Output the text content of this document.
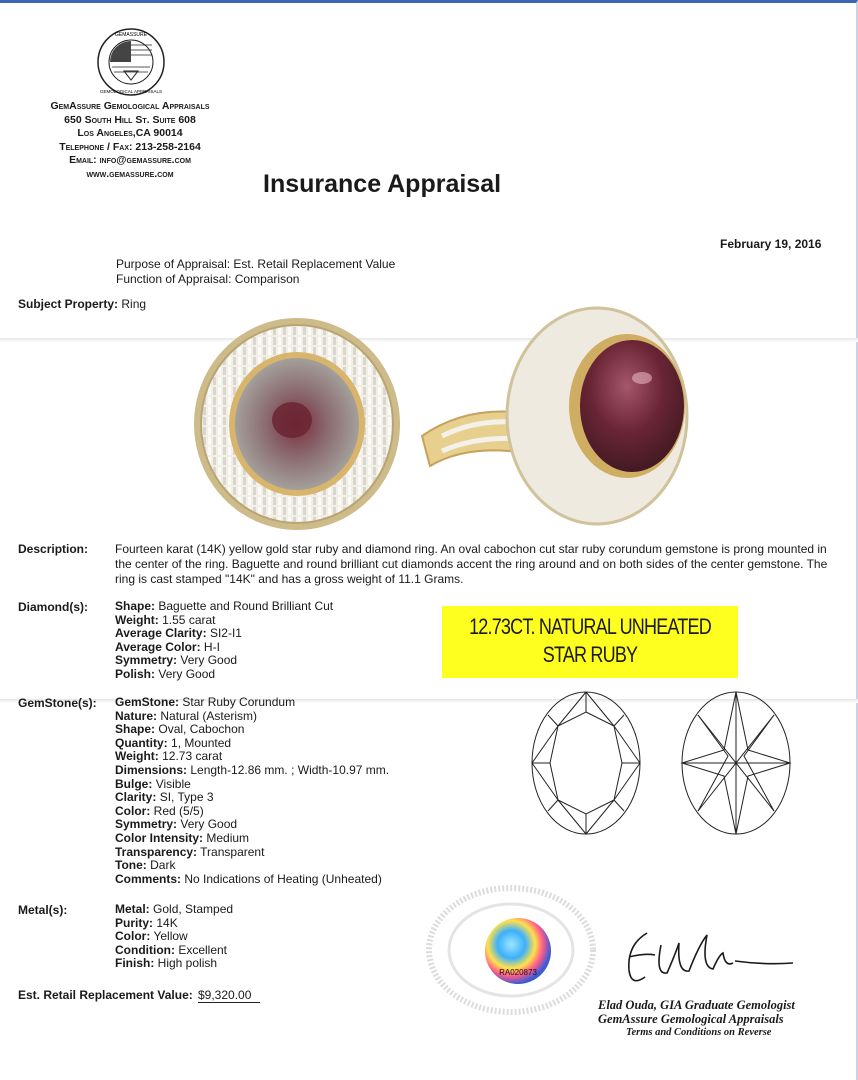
GEMASSURE
GEMOLOGICAL APPRAISALS
GemAssure Gemological Appraisals
650 South Hill St. Suite 608
Los Angeles,CA 90014
Telephone / Fax: 213-258-2164
Email: info@gemassure.com
www.gemassure.com	Insurance Appraisal
February 19, 2016
Purpose of Appraisal: Est. Retail Replacement Value
Function of Appraisal: Comparison
Subject Property: Ring
Description: Fourteen karat (14K) yellow gold star ruby and diamond ring. An oval cabochon cut star ruby corundum gemstone is prong mounted in the center of the ring. Baguette and round brilliant cut diamonds accent the ring around and on both sides of the center gemstone. The ring is cast stamped "14K" and has a gross weight of 11.1 Grams.
Diamond(s): Shape: Baguette and Round Brilliant Cut
Weight: 1.55 carat
Average Clarity: SI2-I1
Average Color: H-I
Symmetry: Very Good
Polish: Very Good
12.73CT. NATURAL UNHEATED
STAR RUBY
GemStone(s): GemStone: Star Ruby Corundum
Nature: Natural (Asterism)
Shape: Oval, Cabochon
Quantity: 1, Mounted
Weight: 12.73 carat
Dimensions: Length-12.86 mm. ; Width-10.97 mm.
Bulge: Visible
Clarity: SI, Type 3
Color: Red (5/5)
Symmetry: Very Good
Color Intensity: Medium
Transparency: Transparent
Tone: Dark
Comments: No Indications of Heating (Unheated)
Metal(s):	Metal: Gold, Stamped
Purity: 14K
Color: Yellow
Condition: Excellent
Finish: High polish
Est. Retail Replacement Value: $9,320.00
RA020873
Elad Ouda, GIA Graduate Gemologist
GemAssure Gemological Appraisals
Terms and Conditions on Reverse
